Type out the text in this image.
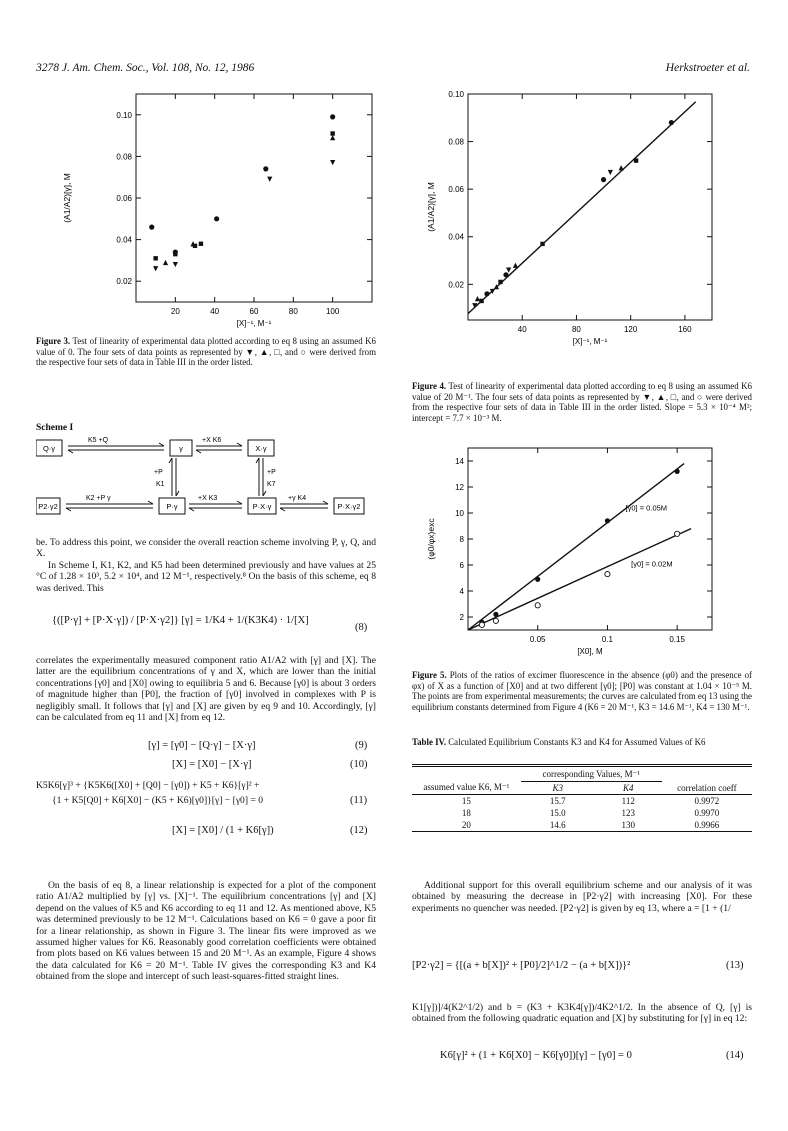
3278 J. Am. Chem. Soc., Vol. 108, No. 12, 1986	Herkstroeter et al.
20	40	60	80	100
0.02
0.04
0.06
0.08
0.10
[X]⁻¹, M⁻¹
(A1/A2)[γ], M
Figure 3. Test of linearity of experimental data plotted according to eq 8 using an assumed K6 value of 0. The four sets of data points as represented by ▼, ▲, □, and ○ were derived from the respective four sets of data in Table III in the order listed.
40	80	120	160
0.02
0.04
0.06
0.08
0.10
[X]⁻¹, M⁻¹
(A1/A2)[γ], M
Figure 4. Test of linearity of experimental data plotted according to eq 8 using an assumed K6 value of 20 M⁻¹. The four sets of data points as represented by ▼, ▲, □, and ○ were derived from the respective four sets of data in Table III in the order listed. Slope = 5.3 × 10⁻⁴ M²; intercept = 7.7 × 10⁻³ M.
Scheme I
Q·γ	γ	X·γ
P2·γ2	P·γ	P·X·γ	P·X·γ2
K5 +Q	+X K6
+P
K1
+P
K7
K2 +P γ	+X K3	+γ K4

be. To address this point, we consider the overall reaction scheme involving P, γ, Q, and X.

In Scheme I, K1, K2, and K5 had been determined previously and have values at 25 °C of 1.28 × 10³, 5.2 × 10⁴, and 12 M⁻¹, respectively.⁸ On the basis of this scheme, eq 8 was derived. This

{([P·γ] + [P·X·γ]) / [P·X·γ2]} [γ] = 1/K4 + 1/(K3K4) · 1/[X]
(8)

correlates the experimentally measured component ratio A1/A2 with [γ] and [X]. The latter are the equilibrium concentrations of γ and X, which are lower than the initial concentrations [γ0] and [X0] owing to equilibria 5 and 6. Because [γ0] is about 3 orders of magnitude higher than [P0], the fraction of [γ0] involved in complexes with P is negligibly small. It follows that [γ] and [X] are given by eq 9 and 10. Accordingly, [γ] can be calculated from eq 11 and [X] from eq 12.

[γ] = [γ0] − [Q·γ] − [X·γ]	(9)
[X] = [X0] − [X·γ]	(10)
K5K6[γ]³ + {K5K6([X0] + [Q0] − [γ0]) + K5 + K6}[γ]² +
{1 + K5[Q0] + K6[X0] − (K5 + K6)[γ0]}[γ] − [γ0] = 0	(11)
[X] = [X0] / (1 + K6[γ])	(12)

On the basis of eq 8, a linear relationship is expected for a plot of the component ratio A1/A2 multiplied by [γ] vs. [X]⁻¹. The equilibrium concentrations [γ] and [X] depend on the values of K5 and K6 according to eq 11 and 12. As mentioned above, K5 was determined previously to be 12 M⁻¹. Calculations based on K6 = 0 gave a poor fit for a linear relationship, as shown in Figure 3. The linear fits were improved as we assumed higher values for K6. Reasonably good correlation coefficients were obtained from plots based on K6 values between 15 and 20 M⁻¹. As an example, Figure 4 shows the data calculated for K6 = 20 M⁻¹. Table IV gives the corresponding K3 and K4 obtained from the slope and intercept of such least-squares-fitted straight lines.

0.05	0.1	0.15
2
4
6
8
10
12
14
[X0], M
(φ0/φx)exc
[γ0] = 0.05M
[γ0] = 0.02M
Figure 5. Plots of the ratios of excimer fluorescence in the absence (φ0) and the presence of φx) of X as a function of [X0] and at two different [γ0]; [P0] was constant at 1.04 × 10⁻⁵ M. The points are from experimental measurements; the curves are calculated from eq 13 using the equilibrium constants determined from Figure 4 (K6 = 20 M⁻¹, K3 = 14.6 M⁻¹, K4 = 130 M⁻¹.
Table IV. Calculated Equilibrium Constants K3 and K4 for Assumed Values of K6
assumed value K6, M⁻¹	corresponding Values, M⁻¹		correlation coeff
	K3	K4	

15	15.7	112	0.9972
18	15.0	123	0.9970
20	14.6	130	0.9966

Additional support for this overall equilibrium scheme and our analysis of it was obtained by measuring the decrease in [P2·γ2] with increasing [X0]. For these experiments no quencher was needed. [P2·γ2] is given by eq 13, where a = [1 + (1/

[P2·γ2] = {[(a + b[X])² + [P0]/2]^1/2 − (a + b[X])}²	(13)

K1[γ])]/4(K2^1/2) and b = (K3 + K3K4[γ])/4K2^1/2. In the absence of Q, [γ] is obtained from the following quadratic equation and [X] by substituting for [γ] in eq 12:

K6[γ]² + (1 + K6[X0] − K6[γ0])[γ] − [γ0] = 0	(14)
